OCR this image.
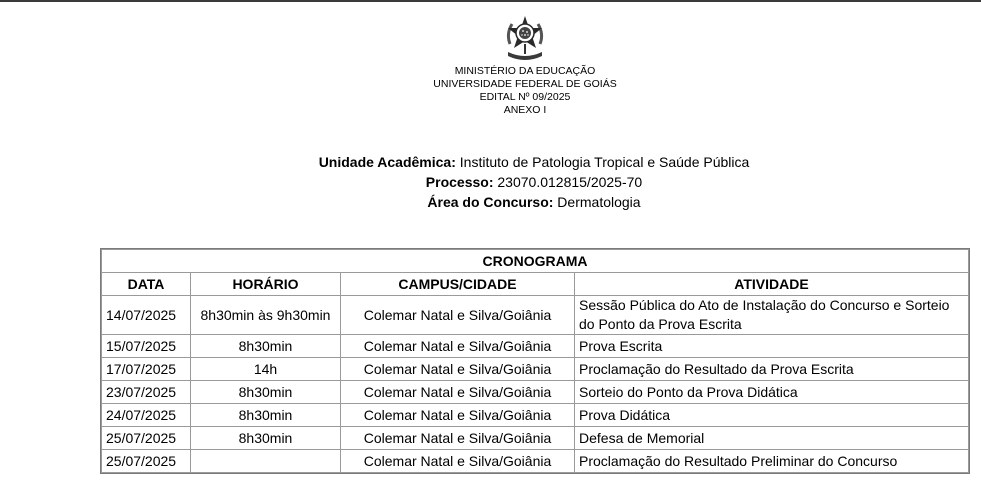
MINISTÉRIO DA EDUCAÇÃO
UNIVERSIDADE FEDERAL DE GOIÁS
EDITAL Nº 09/2025
ANEXO I
Unidade Acadêmica: Instituto de Patologia Tropical e Saúde Pública
Processo: 23070.012815/2025-70
Área do Concurso: Dermatologia
CRONOGRAMA			
DATA	HORÁRIO	CAMPUS/CIDADE	ATIVIDADE
14/07/2025	8h30min às 9h30min	Colemar Natal e Silva/Goiânia	Sessão Pública do Ato de Instalação do Concurso e Sorteio do Ponto da Prova Escrita
15/07/2025	8h30min	Colemar Natal e Silva/Goiânia	Prova Escrita
17/07/2025	14h	Colemar Natal e Silva/Goiânia	Proclamação do Resultado da Prova Escrita
23/07/2025	8h30min	Colemar Natal e Silva/Goiânia	Sorteio do Ponto da Prova Didática
24/07/2025	8h30min	Colemar Natal e Silva/Goiânia	Prova Didática
25/07/2025	8h30min	Colemar Natal e Silva/Goiânia	Defesa de Memorial
25/07/2025		Colemar Natal e Silva/Goiânia	Proclamação do Resultado Preliminar do Concurso
